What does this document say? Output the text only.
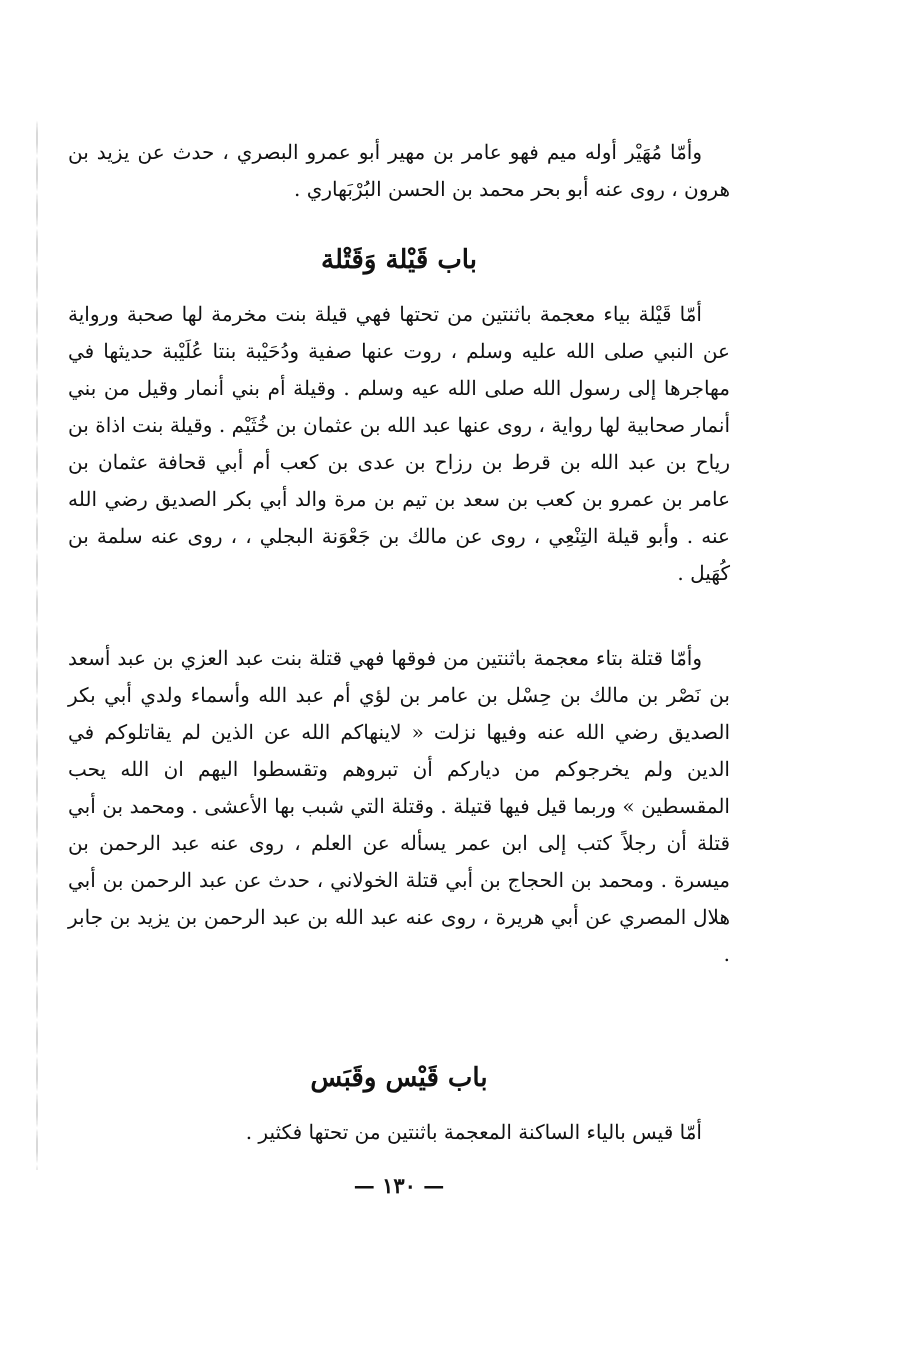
وأمّا مُهَيْر أوله ميم فهو عامر بن مهير أبو عمرو البصري ، حدث عن يزيد بن هرون ، روى عنه أبو بحر محمد بن الحسن البُرْبَهاري .

باب قَيْلة وَقَتْلة

أمّا قَيْلة بياء معجمة باثنتين من تحتها فهي قيلة بنت مخرمة لها صحبة ورواية عن النبي صلى الله عليه وسلم ، روت عنها صفية ودُحَيْبة بنتا عُلَيْبة حديثها في مهاجرها إلى رسول الله صلى الله عيه وسلم . وقيلة أم بني أنمار وقيل من بني أنمار صحابية لها رواية ، روى عنها عبد الله بن عثمان بن خُثَيْم . وقيلة بنت اذاة بن رياح بن عبد الله بن قرط بن رزاح بن عدى بن كعب أم أبي قحافة عثمان بن عامر بن عمرو بن كعب بن سعد بن تيم بن مرة والد أبي بكر الصديق رضي الله عنه . وأبو قيلة التِنْعِي ، روى عن مالك بن جَعْوَنة البجلي ، ، روى عنه سلمة بن كُهَيل .

وأمّا قتلة بتاء معجمة باثنتين من فوقها فهي قتلة بنت عبد العزي بن عبد أسعد بن نَصْر بن مالك بن حِسْل بن عامر بن لؤي أم عبد الله وأسماء ولدي أبي بكر الصديق رضي الله عنه وفيها نزلت « لاينهاكم الله عن الذين لم يقاتلوكم في الدين ولم يخرجوكم من دياركم أن تبروهم وتقسطوا اليهم ان الله يحب المقسطين » وربما قيل فيها قتيلة . وقتلة التي شبب بها الأعشى . ومحمد بن أبي قتلة أن رجلاً كتب إلى ابن عمر يسأله عن العلم ، روى عنه عبد الرحمن بن ميسرة . ومحمد بن الحجاج بن أبي قتلة الخولاني ، حدث عن عبد الرحمن بن أبي هلال المصري عن أبي هريرة ، روى عنه عبد الله بن عبد الرحمن بن يزيد بن جابر .

باب قَيْس وقَبَس
أمّا قيس بالياء الساكنة المعجمة باثنتين من تحتها فكثير .
— ١٣٠ —
